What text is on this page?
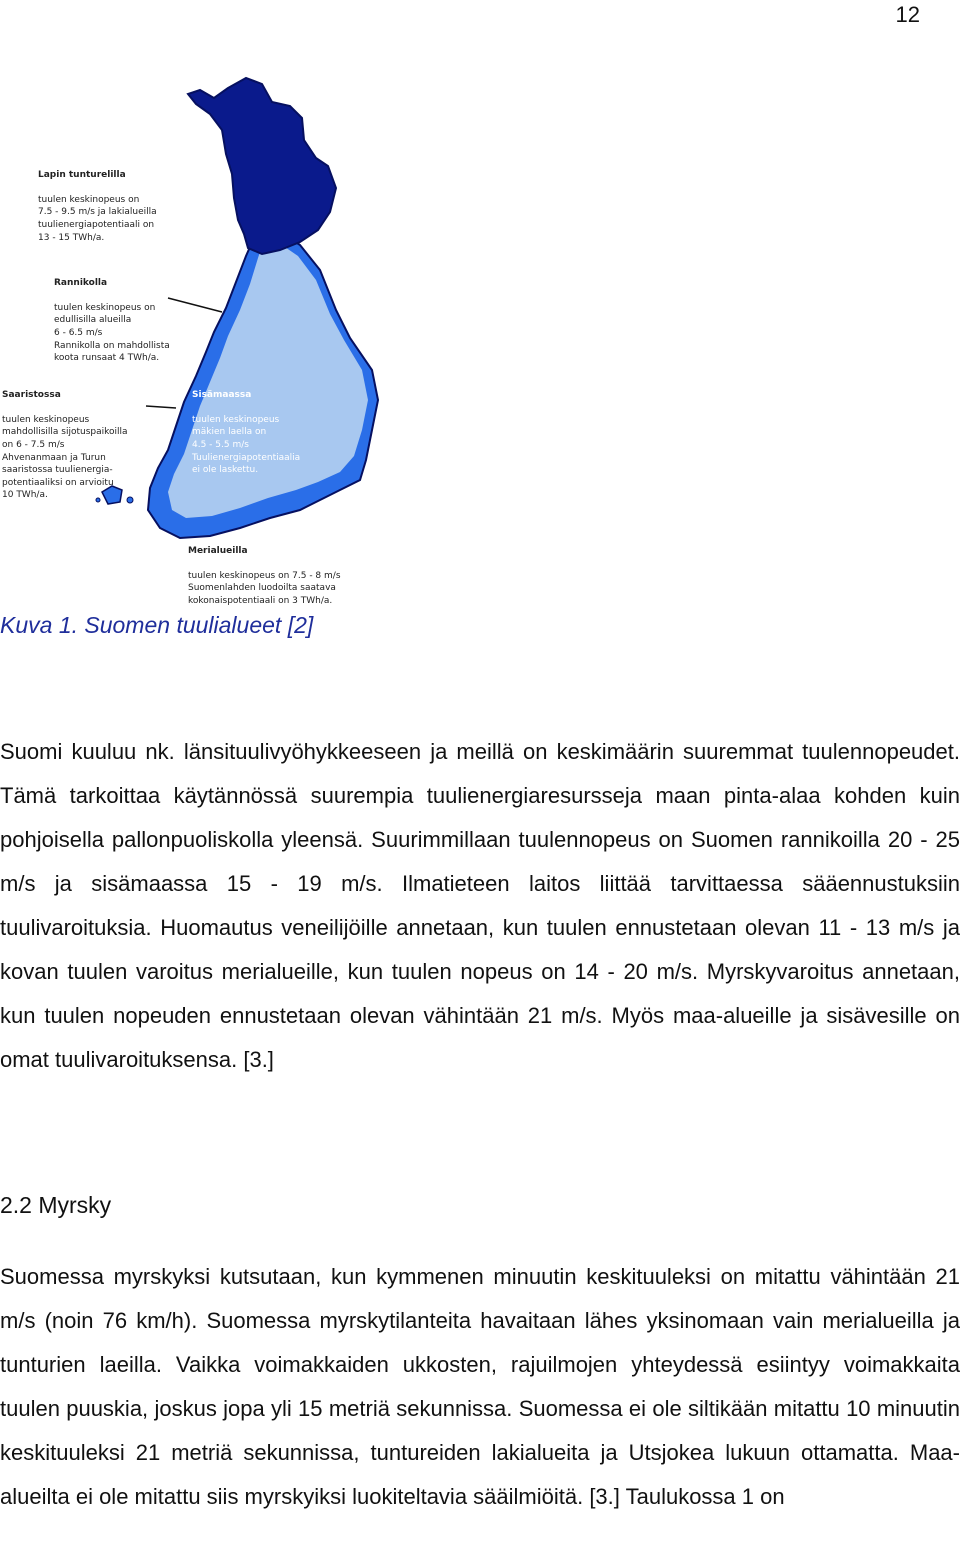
12

Lapin tunturelilla

tuulen keskinopeus on
7.5 - 9.5 m/s ja lakialueilla
tuulienergiapotentiaali on
13 - 15 TWh/a.

Rannikolla

tuulen keskinopeus on
edullisilla alueilla
6 - 6.5 m/s
Rannikolla on mahdollista
koota runsaat 4 TWh/a.

Saaristossa

tuulen keskinopeus
mahdollisilla sijotuspaikoilla
on 6 - 7.5 m/s
Ahvenanmaan ja Turun
saaristossa tuulienergia-
potentiaaliksi on arvioitu
10 TWh/a.

Sisämaassa

tuulen keskinopeus
mäkien laella on
4.5 - 5.5 m/s
Tuulienergiapotentiaalia
ei ole laskettu.

Merialueilla

tuulen keskinopeus on 7.5 - 8 m/s
Suomenlahden luodoilta saatava
kokonaispotentiaali on 3 TWh/a.

Kuva 1. Suomen tuulialueet [2]

Suomi kuuluu nk. länsituulivyöhykkeeseen ja meillä on keskimäärin suuremmat tuulennopeudet. Tämä tarkoittaa käytännössä suurempia tuulienergiaresursseja maan pinta-alaa kohden kuin pohjoisella pallonpuoliskolla yleensä. Suurimmillaan tuulennopeus on Suomen rannikoilla 20 - 25 m/s ja sisämaassa 15 - 19 m/s. Ilmatieteen laitos liittää tarvittaessa sääennustuksiin tuulivaroituksia. Huomautus veneilijöille annetaan, kun tuulen ennustetaan olevan 11 - 13 m/s ja kovan tuulen varoitus merialueille, kun tuulen nopeus on 14 - 20 m/s. Myrskyvaroitus annetaan, kun tuulen nopeuden ennustetaan olevan vähintään 21 m/s. Myös maa-alueille ja sisävesille on omat tuulivaroituksensa. [3.]

2.2 Myrsky

Suomessa myrskyksi kutsutaan, kun kymmenen minuutin keskituuleksi on mitattu vähintään 21 m/s (noin 76 km/h). Suomessa myrskytilanteita havaitaan lähes yksinomaan vain merialueilla ja tunturien laeilla. Vaikka voimakkaiden ukkosten, rajuilmojen yhteydessä esiintyy voimakkaita tuulen puuskia, joskus jopa yli 15 metriä sekunnissa. Suomessa ei ole siltikään mitattu 10 minuutin keskituuleksi 21 metriä sekunnissa, tuntureiden lakialueita ja Utsjokea lukuun ottamatta. Maa-alueilta ei ole mitattu siis myrskyiksi luokiteltavia sääilmiöitä. [3.] Taulukossa 1 on
